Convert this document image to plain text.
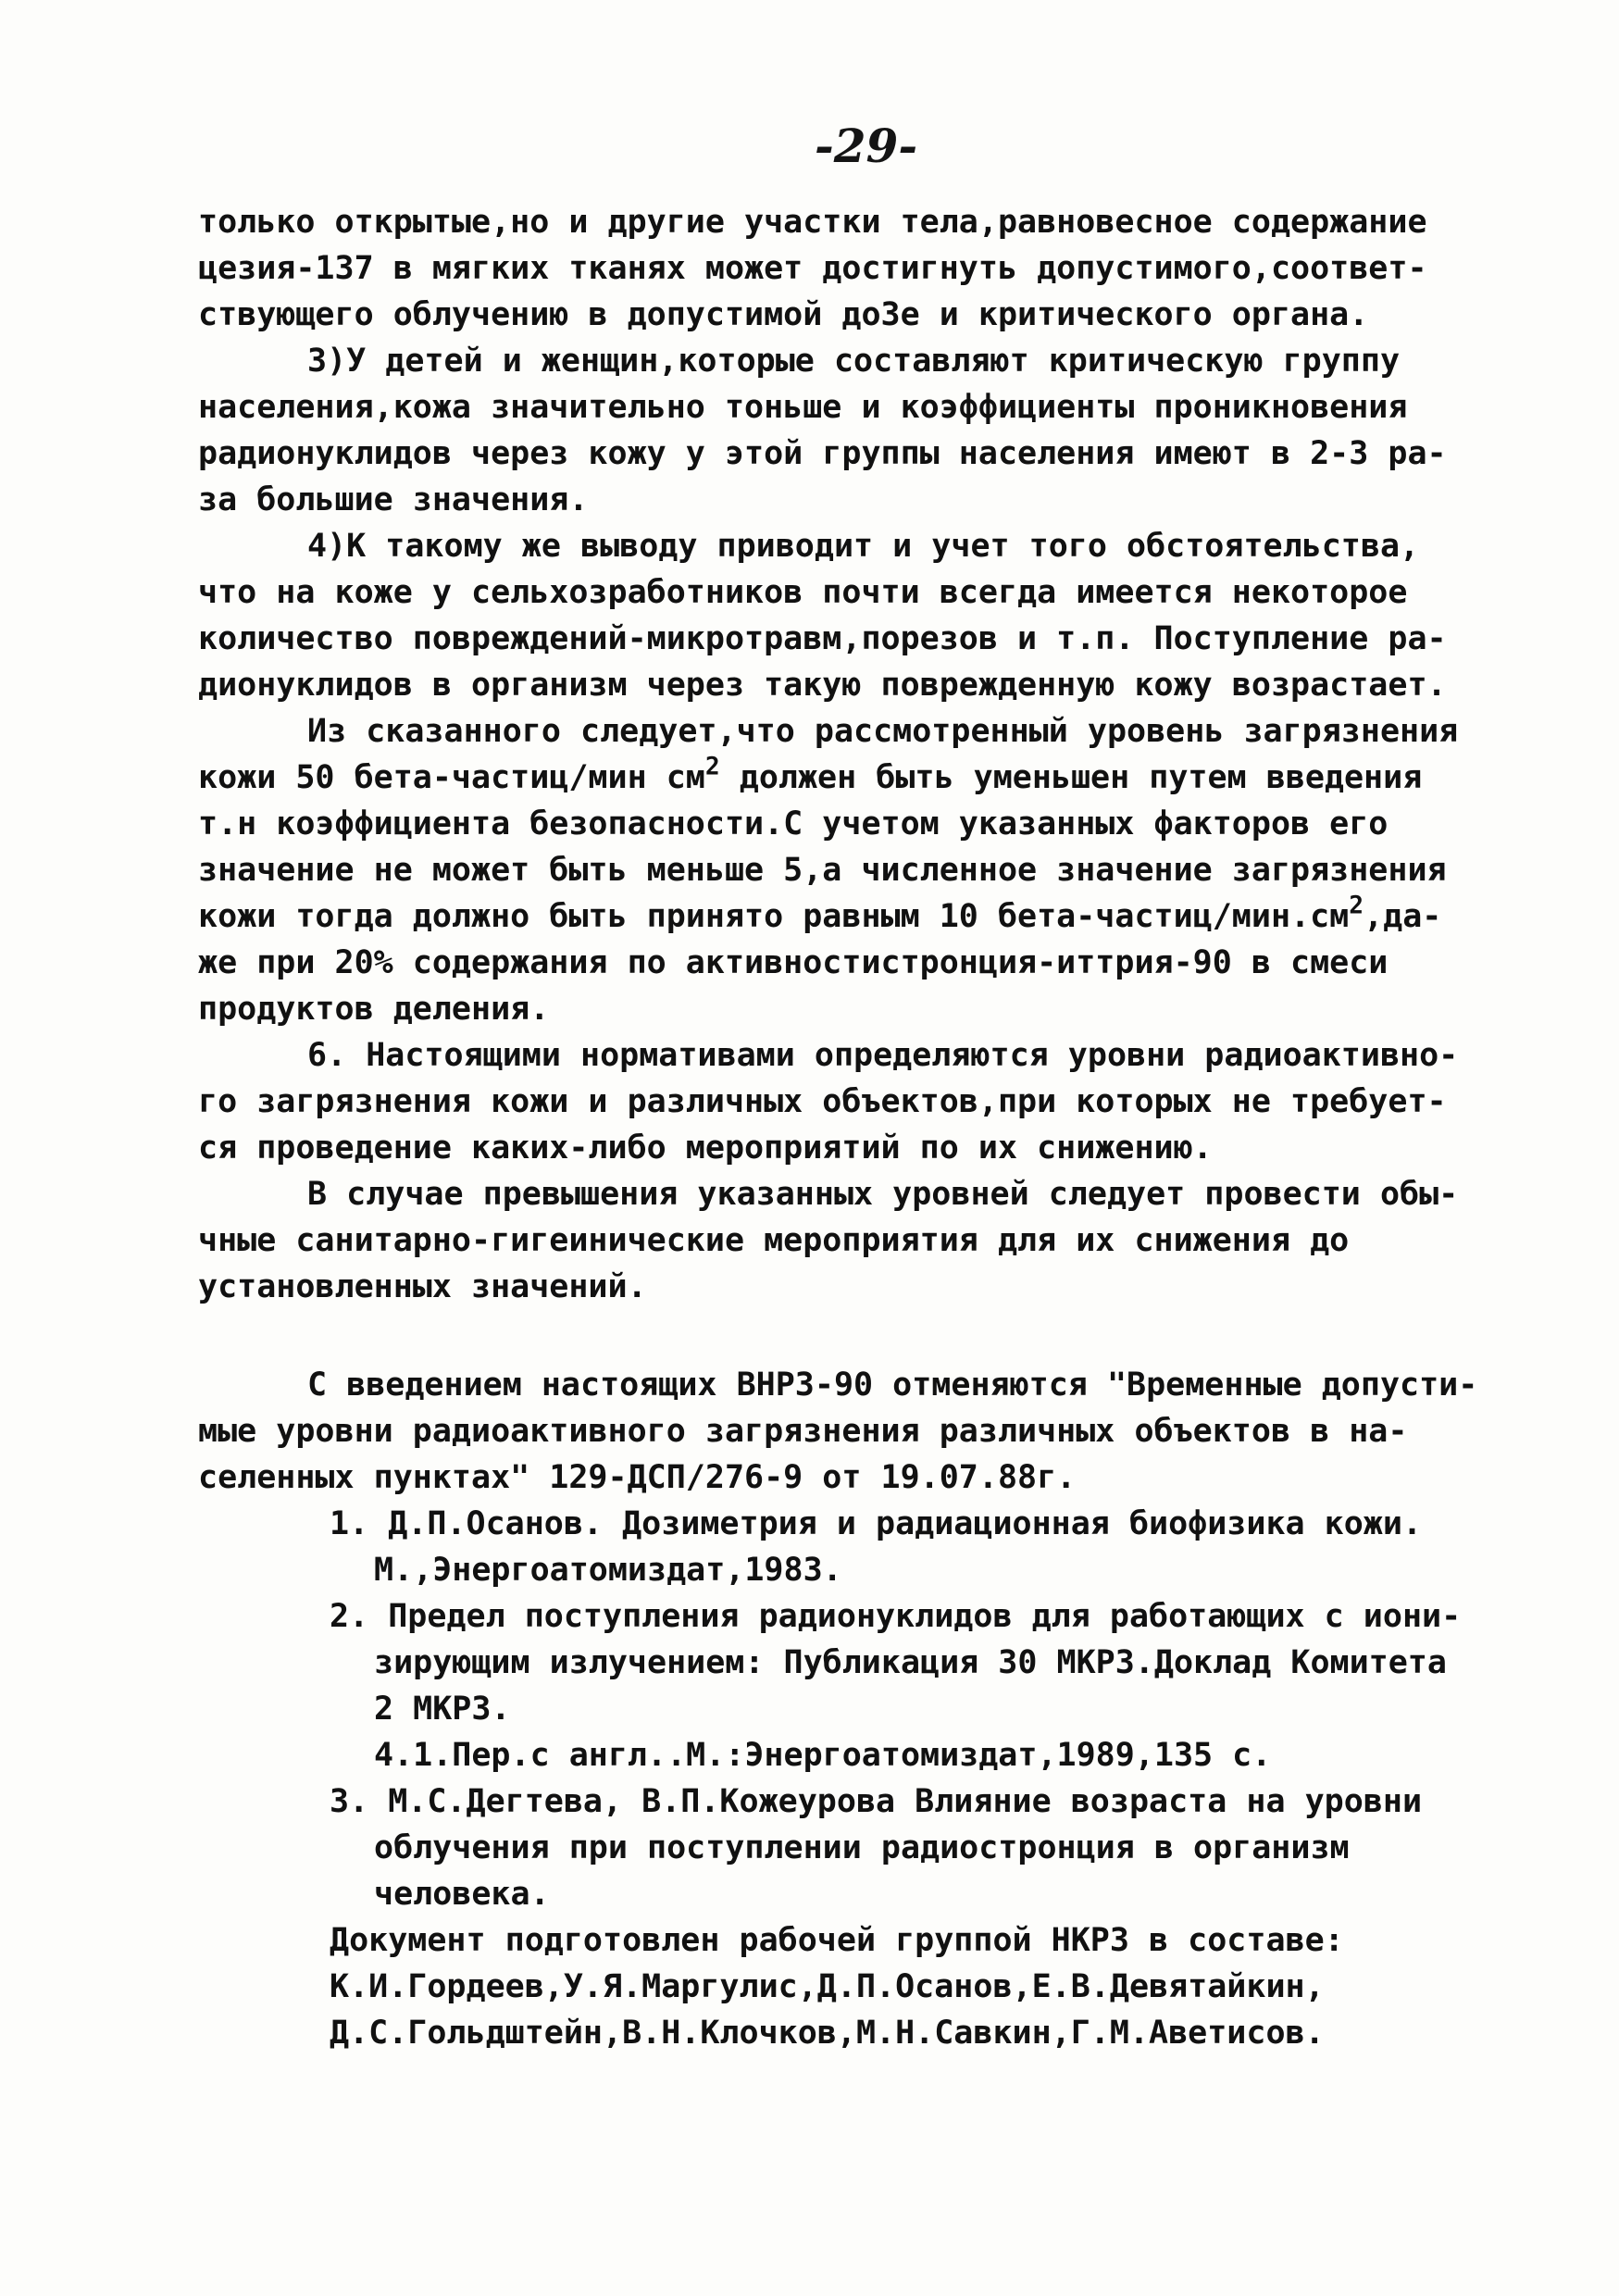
-29-
только открытые,но и другие участки тела,равновесное содержание
цезия-137 в мягких тканях может достигнуть допустимого,соответ-
ствующего облучению в допустимой доЗе и критического органа.
3)У детей и женщин,которые составляют критическую группу
населения,кожа значительно тоньше и коэффициенты проникновения
радионуклидов через кожу у этой группы населения имеют в 2-3 ра-
за большие значения.
4)К такому же выводу приводит и учет того обстоятельства,
что на коже у сельхозработников почти всегда имеется некоторое
количество повреждений-микротравм,порезов и т.п. Поступление ра-
дионуклидов в организм через такую поврежденную кожу возрастает.
Из сказанного следует,что рассмотренный уровень загрязнения
кожи 50 бета-частиц/мин $см^2$ должен быть уменьшен путем введения
т.н коэффициента безопасности.С учетом указанных факторов его
значение не может быть меньше 5,а численное значение загрязнения
кожи тогда должно быть принято равным 10 бета-$частиц/мин.см^2,да-$
же при 20% содержания по активностистронция-иттрия-90 в смеси
продуктов деления.
6. Настоящими нормативами определяются уровни радиоактивно-
го загрязнения кожи и различных объектов,при которых не требует-
ся проведение каких-либо мероприятий по их снижению.
В случае превышения указанных уровней следует провести обы-
чные санитарно-гигеинические мероприятия для их снижения до
установленных значений.
С введением настоящих ВНРЗ-90 отменяются "Временные допусти-
мые уровни радиоактивного загрязнения различных объектов в на-
селенных пунктах" 129-ДСП/276-9 от 19.07.88г.
1. Д.П.Осанов. Дозиметрия и радиационная биофизика кожи.
М.,Энергоатомиздат,1983.
2. Предел поступления радионуклидов для работающих с иони-
зирующим излучением: Публикация 30 МКРЗ.Доклад Комитета
2 МКРЗ.
4.1.Пер.с англ..М.:Энергоатомиздат,1989,135 с.
3. М.С.Дегтева, В.П.Кожеурова Влияние возраста на уровни
облучения при поступлении радиостронция в организм
человека.
Документ подготовлен рабочей группой НКРЗ в составе:
К.И.Гордеев,У.Я.Маргулис,Д.П.Осанов,Е.В.Девятайкин,
Д.С.Гольдштейн,В.Н.Клочков,М.Н.Савкин,Г.М.Аветисов.
